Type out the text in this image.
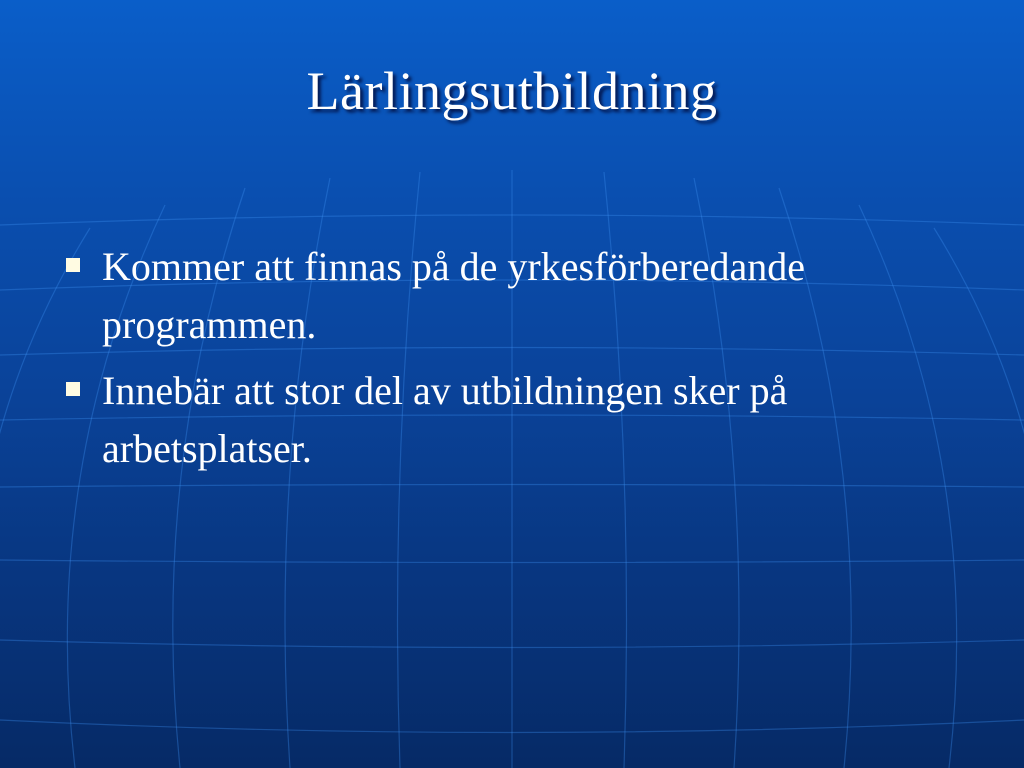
Lärlingsutbildning
Kommer att finnas på de yrkesförberedande programmen.
Innebär att stor del av utbildningen sker på arbetsplatser.
